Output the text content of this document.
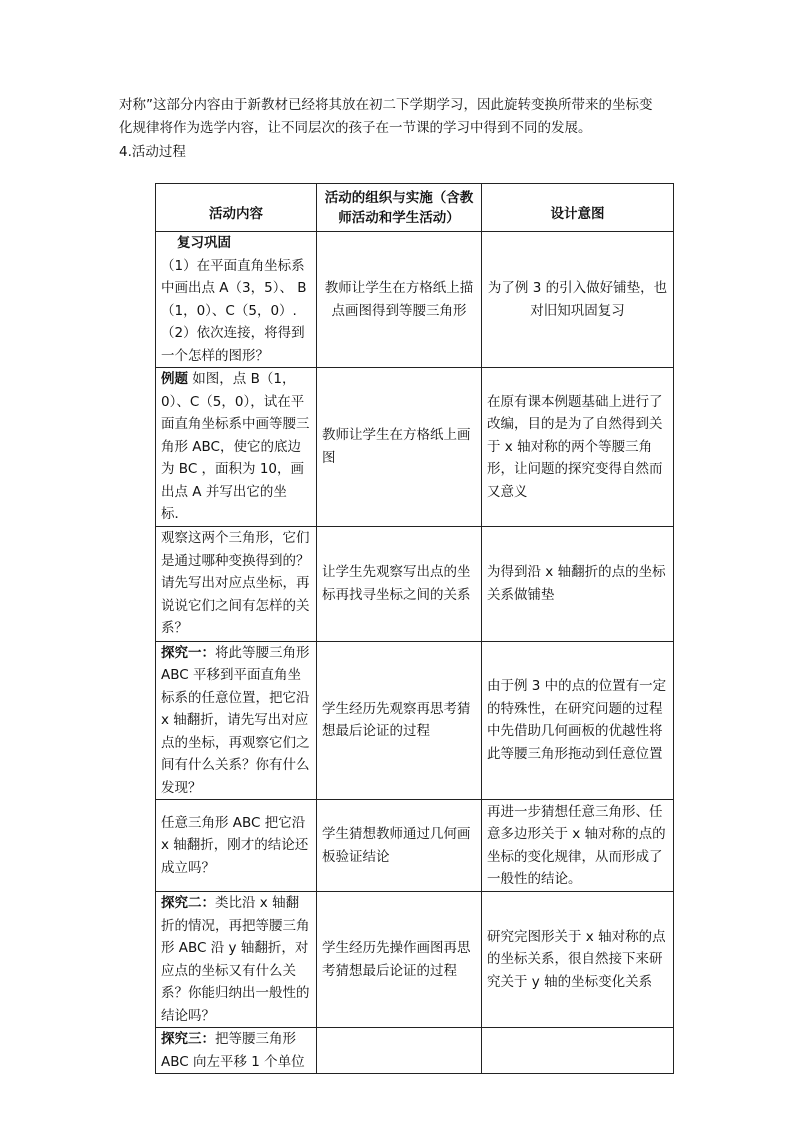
对称”这部分内容由于新教材已经将其放在初二下学期学习，因此旋转变换所带来的坐标变

化规律将作为选学内容，让不同层次的孩子在一节课的学习中得到不同的发展。

4.活动过程
活动内容	活动的组织与实施（含教师活动和学生活动）	设计意图
复习巩固
（1）在平面直角坐标系中画出点 A（3，5）、 B（1，0）、C（5，0）.（2）依次连接，将得到一个怎样的图形？	教师让学生在方格纸上描点画图得到等腰三角形	为了例 3 的引入做好铺垫，也对旧知巩固复习
例题 如图，点 B（1，0）、C（5，0），试在平面直角坐标系中画等腰三角形 ABC，使它的底边为 BC ，面积为 10，画出点 A 并写出它的坐标．	教师让学生在方格纸上画图	在原有课本例题基础上进行了改编，目的是为了自然得到关于 x 轴对称的两个等腰三角形，让问题的探究变得自然而又意义
观察这两个三角形，它们是通过哪种变换得到的？请先写出对应点坐标，再说说它们之间有怎样的关系？	让学生先观察写出点的坐标再找寻坐标之间的关系	为得到沿 x 轴翻折的点的坐标关系做铺垫
探究一：将此等腰三角形 ABC 平移到平面直角坐标系的任意位置，把它沿 x 轴翻折，请先写出对应点的坐标，再观察它们之间有什么关系？你有什么发现？	学生经历先观察再思考猜想最后论证的过程	由于例 3 中的点的位置有一定的特殊性，在研究问题的过程中先借助几何画板的优越性将此等腰三角形拖动到任意位置
任意三角形 ABC 把它沿 x 轴翻折，刚才的结论还成立吗？	学生猜想教师通过几何画板验证结论	再进一步猜想任意三角形、任意多边形关于 x 轴对称的点的坐标的变化规律，从而形成了一般性的结论。
探究二：类比沿 x 轴翻折的情况，再把等腰三角形 ABC 沿 y 轴翻折，对应点的坐标又有什么关系？你能归纳出一般性的结论吗？	学生经历先操作画图再思考猜想最后论证的过程	研究完图形关于 x 轴对称的点的坐标关系，很自然接下来研究关于 y 轴的坐标变化关系
探究三：把等腰三角形 ABC 向左平移 1 个单位		
